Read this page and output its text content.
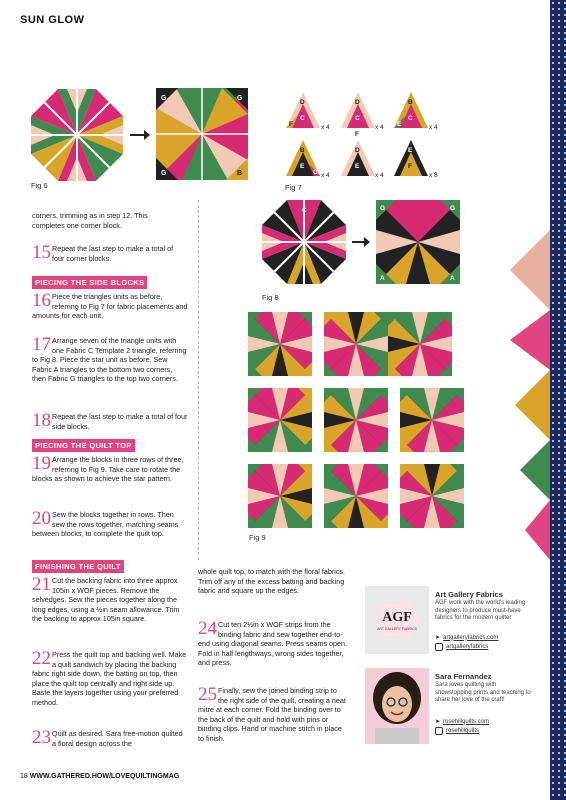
SUN GLOW
G	G
G	B
Fig 6
D
C
F	x 4
D
C
F
x 4
B
C
E	x 4
B
E
C x 4
D
E
x 4
E
F
x 8
Fig 7
C	G	G
A	A
Fig 8
Fig 9
corners, trimming as in step 12. This completes one corner block.
15 Repeat the last step to make a total of four corner blocks.
PIECING THE SIDE BLOCKS
16 Piece the triangles units as before, referring to Fig 7 for fabric placements and amounts for each unit.
17 Arrange seven of the triangle units with one Fabric C Template 2 triangle, referring to Fig 8. Piece the star unit as before. Sew Fabric A triangles to the bottom two corners, then Fabric G triangles to the top two corners.
18 Repeat the last step to make a total of four side blocks.
PIECING THE QUILT TOP
19 Arrange the blocks in three rows of three, referring to Fig 9. Take care to rotate the blocks as shown to achieve the star pattern.
20 Sew the blocks together in rows. Then sew the rows together, matching seams between blocks, to complete the quilt top.
FINISHING THE QUILT
21 Cut the backing fabric into three approx 105in x WOF pieces. Remove the selvedges. Sew the pieces together along the long edges, using a ½in seam allowance. Trim the backing to approx 105in square.
22 Press the quilt top and backing well. Make a quilt sandwich by placing the backing fabric right side down, the batting on top, then place the quilt top centrally and right side up. Baste the layers together using your preferred method.
23 Quilt as desired. Sara free-motion quilted a floral design across the
whole quilt top, to match with the floral fabrics. Trim off any of the excess batting and backing fabric and square up the edges.
24 Cut ten 2½in x WOF strips from the binding fabric and sew together end-to-end using diagonal seams. Press seams open. Fold in half lengthways, wrong sides together, and press.
25 Finally, sew the joined binding strip to the right side of the quilt, creating a neat mitre at each corner. Fold the binding over to the back of the quilt and hold with pins or binding clips. Hand or machine stitch in place to finish.
AGF
ART GALLERY FABRICS
Art Gallery Fabrics
AGF work with the world's leading designers to produce must-have fabrics for the modern quilter
➤ artgalleryfabrics.com
artgalleryfabrics
Sara Fernandez
Sara loves quilting with showstopping prints and teaching to share her love of the craft!
➤ rosehillquilts.com
rosehillquilts
18 WWW.GATHERED.HOW/LOVEQUILTINGMAG
PassionForum.ru
